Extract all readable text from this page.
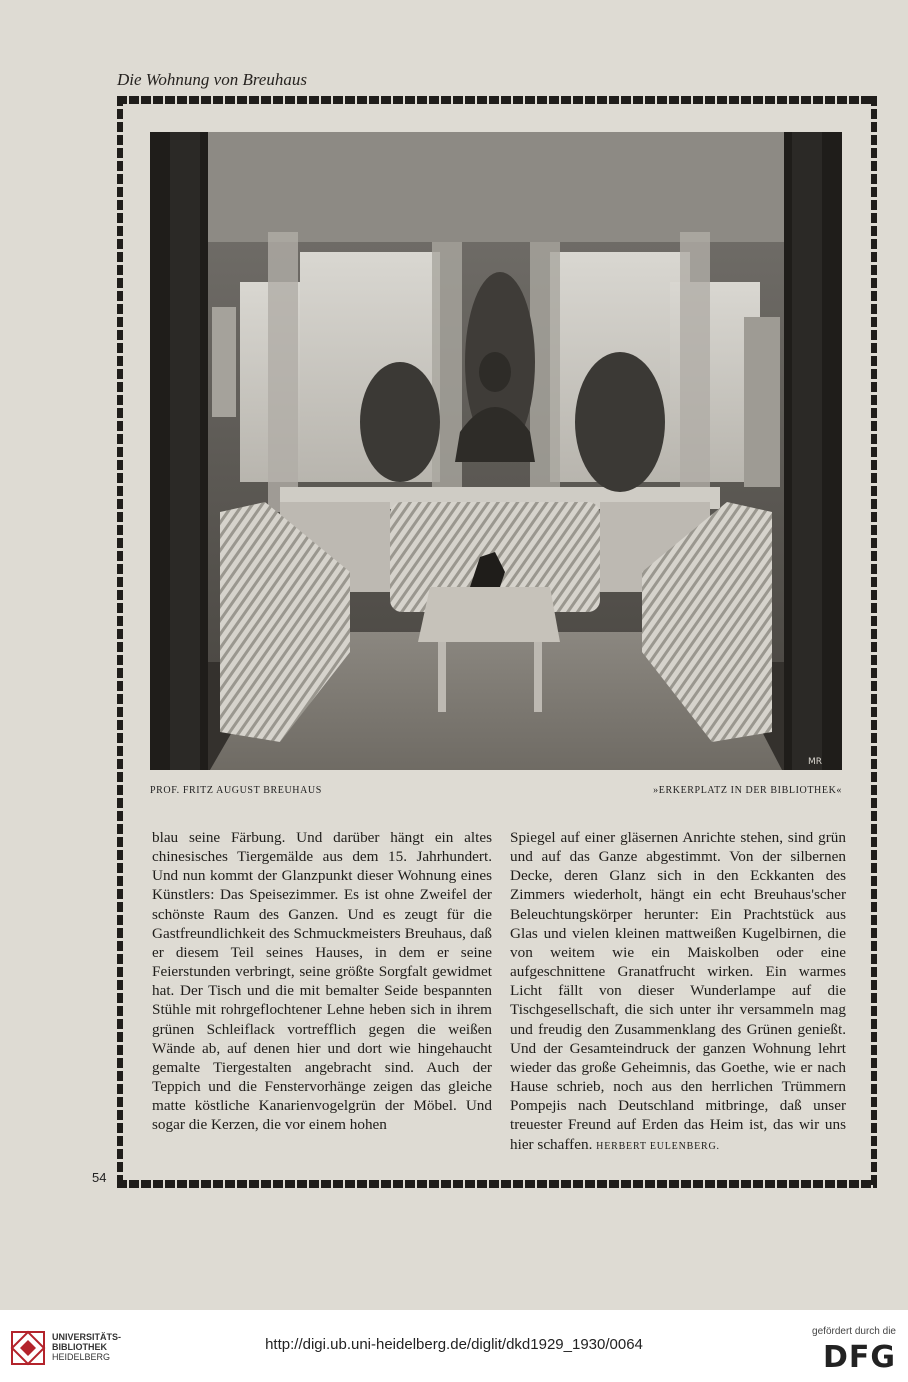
Die Wohnung von Breuhaus
MR
PROF. FRITZ AUGUST BREUHAUS	»ERKERPLATZ IN DER BIBLIOTHEK«

blau seine Färbung. Und darüber hängt ein altes chinesisches Tiergemälde aus dem 15. Jahrhundert. Und nun kommt der Glanzpunkt dieser Wohnung eines Künstlers: Das Speisezimmer. Es ist ohne Zweifel der schönste Raum des Ganzen. Und es zeugt für die Gastfreundlichkeit des Schmuckmeisters Breuhaus, daß er diesem Teil seines Hauses, in dem er seine Feierstunden verbringt, seine größte Sorgfalt gewidmet hat. Der Tisch und die mit bemalter Seide bespannten Stühle mit rohrgeflochtener Lehne heben sich in ihrem grünen Schleiflack vortrefflich gegen die weißen Wände ab, auf denen hier und dort wie hingehaucht gemalte Tiergestalten angebracht sind. Auch der Teppich und die Fenstervorhänge zeigen das gleiche matte köstliche Kanarienvogelgrün der Möbel. Und sogar die Kerzen, die vor einem hohen

Spiegel auf einer gläsernen Anrichte stehen, sind grün und auf das Ganze abgestimmt. Von der silbernen Decke, deren Glanz sich in den Eckkanten des Zimmers wiederholt, hängt ein echt Breuhaus'scher Beleuchtungskörper herunter: Ein Prachtstück aus Glas und vielen kleinen mattweißen Kugelbirnen, die von weitem wie ein Maiskolben oder eine aufgeschnittene Granatfrucht wirken. Ein warmes Licht fällt von dieser Wunderlampe auf die Tischgesellschaft, die sich unter ihr versammeln mag und freudig den Zusammenklang des Grünen genießt. Und der Gesamteindruck der ganzen Wohnung lehrt wieder das große Geheimnis, das Goethe, wie er nach Hause schrieb, noch aus den herrlichen Trümmern Pompejis nach Deutschland mitbringe, daß unser treuester Freund auf Erden das Heim ist, das wir uns hier schaffen. HERBERT EULENBERG.

54
UNIVERSITÄTS-
BIBLIOTHEK
HEIDELBERG
http://digi.ub.uni-heidelberg.de/diglit/dkd1929_1930/0064
gefördert durch die
DFG
